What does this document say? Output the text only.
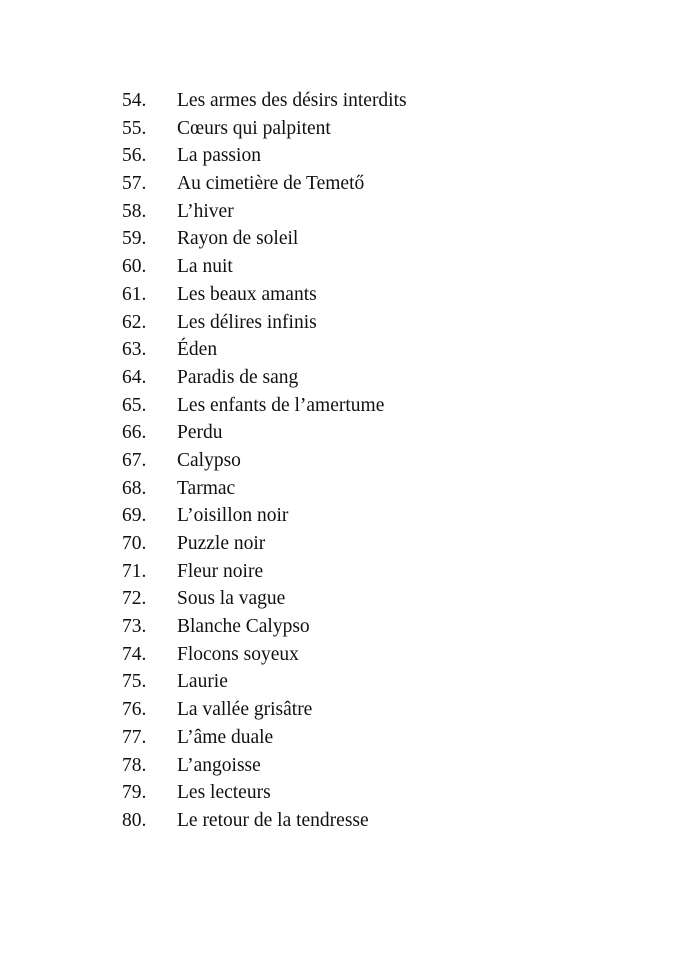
54.	Les armes des désirs interdits
55.	Cœurs qui palpitent
56.	La passion
57.	Au cimetière de Temető
58.	L’hiver
59.	Rayon de soleil
60.	La nuit
61.	Les beaux amants
62.	Les délires infinis
63.	Éden
64.	Paradis de sang
65.	Les enfants de l’amertume
66.	Perdu
67.	Calypso
68.	Tarmac
69.	L’oisillon noir
70.	Puzzle noir
71.	Fleur noire
72.	Sous la vague
73.	Blanche Calypso
74.	Flocons soyeux
75.	Laurie
76.	La vallée grisâtre
77.	L’âme duale
78.	L’angoisse
79.	Les lecteurs
80.	Le retour de la tendresse
